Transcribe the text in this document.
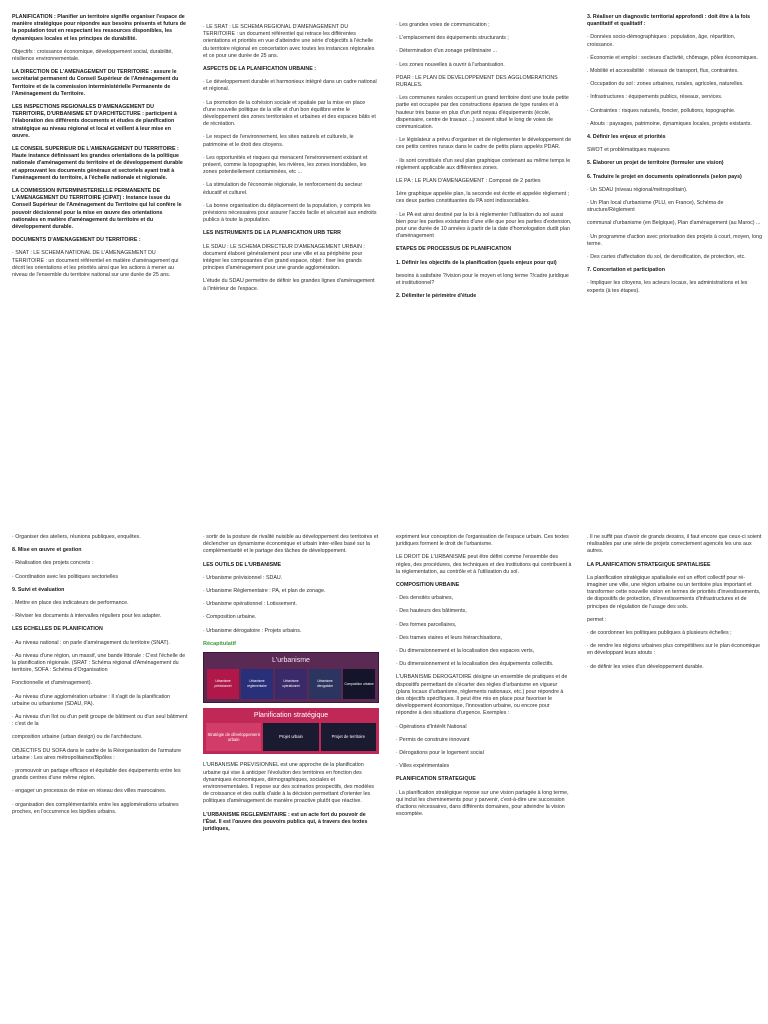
PLANIFICATION : Planifier un territoire signifie organiser l'espace de manière stratégique pour répondre aux besoins présents et futurs de la population tout en respectant les ressources disponibles, les dynamiques locales et les principes de durabilité.

Objectifs : croissance économique, développement social, durabilité, résilience environnementale.

LA DIRECTION DE L'AMENAGEMENT DU TERRITOIRE : assure le secrétariat permanent du Conseil Supérieur de l'Aménagement du Territoire et de la commission interministérielle Permanente de l'Aménagement du Territoire.

LES INSPECTIONS REGIONALES D'AMENAGEMENT DU TERRITOIRE, D'URBANISME ET D'ARCHITECTURE : participent à l'élaboration des différents documents et études de planification stratégique au niveau régional et local et veillent à leur mise en œuvre.

LE CONSEIL SUPERIEUR DE L'AMENAGEMENT DU TERRITOIRE : Haute instance définissant les grandes orientations de la politique nationale d'aménagement du territoire et de développement durable et approuvant les documents généraux et sectoriels ayant trait à l'aménagement du territoire, à l'échelle nationale et régionale.

LA COMMISSION INTERMINISTERIELLE PERMANENTE DE L'AMENAGEMENT DU TERRITOIRE (CIPAT) : Instance issue du Conseil Supérieur de l'Aménagement du Territoire qui lui confère le pouvoir décisionnel pour la mise en œuvre des orientations nationales en matière d'aménagement du territoire et du développement durable.

DOCUMENTS D'AMENAGEMENT DU TERRITOIRE :

· SNAT : LE SCHEMA NATIONAL DE L'AMENAGEMENT DU TERRITOIRE : un document référentiel en matière d'aménagement qui décrit les orientations et les priorités ainsi que les actions à mener au niveau de l'ensemble du territoire national sur une durée de 25 ans.

· LE SRAT : LE SCHEMA REGIONAL D'AMENAGEMENT DU TERRITOIRE : un document référentiel qui retrace les différentes orientations et priorités en vue d'atteindre une série d'objectifs à l'échelle du territoire régional en concertation avec toutes les instances régionales et ce pour une durée de 25 ans.

ASPECTS DE LA PLANIFICATION URBAINE :

· Le développement durable et harmonieux intégré dans un cadre national et régional.

· La promotion de la cohésion sociale et spatiale par la mise en place d'une nouvelle politique de la ville et d'un bon équilibre entre le développement des zones territoriales et urbaines et des espaces bâtis et de récréation.

· Le respect de l'environnement, les sites naturels et culturels, le patrimoine et le droit des citoyens.

· Les opportunités et risques qui menacent l'environnement existant et présent, comme la topographie, les rivières, les zones inondables, les zones potentiellement contaminées, etc ...

· La stimulation de l'économie régionale, le renforcement du secteur éducatif et culturel.

· La bonne organisation du déplacement de la population, y compris les prévisions nécessaires pour assurer l'accès facile et sécurisé aux endroits publics à toute la population.

LES INSTRUMENTS DE LA PLANIFICATION URB TERR

LE SDAU : LE SCHEMA DIRECTEUR D'AMENAGEMENT URBAIN : document élaboré généralement pour une ville et sa périphérie pour intégrer les composantes d'un grand espace, objet : fixer les grands principes d'aménagement pour une grande agglomération.

L'étude du SDAU permettre de définir les grandes lignes d'aménagement à l'intérieur de l'espace.

· Les grandes voies de communication ;

· L'emplacement des équipements structurants ;

· Détermination d'un zonage préliminaire ...

· Les zones nouvelles à ouvrir à l'urbanisation.

PDAR : LE PLAN DE DEVELOPPEMENT DES AGGLOMERATIONS RURALES.

· Les communes rurales occupent un grand territoire dont une toute petite partie est occupée par des constructions éparses de type rurales et à hauteur très basse en plus d'un petit noyau d'équipements (école, dispensaire, centre de travaux ...) souvent situé le long de voies de communication.

· Le législateur a prévu d'organiser et de réglementer le développement de ces petits centres ruraux dans le cadre de petits plans appelés PDAR.

· Ils sont constitués d'un seul plan graphique contenant au même temps le règlement applicable aux différentes zones.

LE PA : LE PLAN D'AMENAGEMENT : Composé de 2 parties

1ère graphique appelée plan, la seconde est écrite et appelée règlement ; ces deux parties constituantes du PA sont indissociables.

· Le PA est ainsi destiné par la loi à réglementer l'utilisation du sol aussi bien pour les parties existantes d'une ville que pour les parties d'extension, pour une durée de 10 années à partir de la date d'homologation dudit plan d'aménagement

ETAPES DE PROCESSUS DE PLANIFICATION

1. Définir les objectifs de la planification (quels enjeux pour qui)

besoins à satisfaire ?/vision pour le moyen et long terme ?/cadre juridique et institutionnel?

2. Délimiter le périmètre d'étude

3. Réaliser un diagnostic territorial approfondi : doit être à la fois quantitatif et qualitatif :

· Données socio-démographiques : population, âge, répartition, croissance.

· Économie et emploi : secteurs d'activité, chômage, pôles économiques.

. Mobilité et accessibilité : réseaux de transport, flux, contraintes.

· Occupation du sol : zones urbaines, rurales, agricoles, naturelles.

· Infrastructures : équipements publics, réseaux, services.

· Contraintes : risques naturels, foncier, pollutions, topographie.

· Atouts : paysages, patrimoine, dynamiques locales, projets existants.

4. Définir les enjeux et priorités

SWOT et problématiques majeures

5. Élaborer un projet de territoire (formuler une vision)

6. Traduire le projet en documents opérationnels (selon pays)

· Un SDAU (niveau régional/métropolitain).

· Un Plan local d'urbanisme (PLU, en France), Schéma de structure/Règlement

communal d'urbanisme (en Belgique), Plan d'aménagement (au Maroc) ...

· Un programme d'action avec priorisation des projets à court, moyen, long terme.

· Des cartes d'affectation du sol, de densification, de protection, etc.

7. Concertation et participation

· Impliquer les citoyens, les acteurs locaux, les administrations et les experts (à tes étapes).

· Organiser des ateliers, réunions publiques, enquêtes.

8. Mise en œuvre et gestion

· Réalisation des projets concrets :

· Coordination avec les politiques sectorielles

9. Suivi et évaluation

. Mettre en place des indicateurs de performance.

· Réviser les documents à intervalles réguliers pour les adapter.

LES ECHELLES DE PLANIFICATION

· Au niveau national : on parle d'aménagement du territoire (SNAT).

· Au niveau d'une région, un massif, une bande littorale : C'est l'échelle de la planification régionale. (SRAT : Schéma régional d'Aménagement du territoire, SOFA : Schéma d'Organisation

Fonctionnelle et d'aménagement).

· Au niveau d'une agglomération urbaine : Il s'agit de la planification urbaine ou urbanisme (SDAU, PA).

· Au niveau d'un îlot ou d'un petit groupe de bâtiment ou d'un seul bâtiment : c'est de la

composition urbaine (urban design) ou de l'architecture.

OBJECTIFS DU SOFA dans le cadre de la Réorganisation de l'armature urbaine : Les aires métropolitaines/Bipôles :

· promouvoir un partage efficace et équitable des équipements entre les grands centres d'une même région.

· engager un processus de mise en réseau des villes marocaines.

· organisation des complémentarités entre les agglomérations urbaines proches, en l'occurrence les bipôles urbains.

· sortir de la posture de rivalité nuisible au développement des territoires et déclencher un dynamisme économique et urbain inter-villes basé sur la complémentarité et le partage des tâches de développement.

LES OUTILS DE L'URBANISME

· Urbanisme prévisionnel : SDAU.

· Urbanisme Règlementaire : PA, et plan de zonage.

· Urbanisme opérationnel : Lotissement.

· Composition urbaine.

· Urbanisme dérogatoire : Projets urbains.

Récapitulatif
L'urbanisme
Urbanisme prévisionnel
Urbanisme réglementaire
Urbanisme opérationnel
Urbanisme dérogatoire
Composition urbaine
Planification stratégique
Stratégie de développement urbain
Projet urbain	Projet de territoire

L'URBANISME PREVISIONNEL est une approche de la planification urbaine qui vise à anticiper l'évolution des territoires en fonction des dynamiques économiques, démographiques, sociales et environnementales. Il repose sur des scénarios prospectifs, des modèles de croissance et des outils d'aide à la décision permettant d'orienter les politiques d'aménagement de manière proactive plutôt que réactive.

L'URBANISME REGLEMENTAIRE : est un acte fort du pouvoir de l'État. Il est l'œuvre des pouvoirs publics qui, à travers des textes juridiques,

expriment leur conception de l'organisation de l'espace urbain. Ces textes juridiques forment le droit de l'urbanisme.

LE DROIT DE L'URBANISME peut être défini comme l'ensemble des règles, des procédures, des techniques et des institutions qui contribuent à la réglementation, au contrôle et à l'utilisation du sol.

COMPOSITION URBAINE

· Des densités urbaines,

· Des hauteurs des bâtiments,

· Des formes parcellaires,

· Des trames viaires et leurs hiérarchisations,

· Du dimensionnement et la localisation des espaces verts,

· Du dimensionnement et la localisation des équipements collectifs.

L'URBANISME DEROGATOIRE désigne un ensemble de pratiques et de dispositifs permettant de s'écarter des règles d'urbanisme en vigueur (plans locaux d'urbanisme, règlements nationaux, etc.) pour répondre à des objectifs spécifiques. Il peut être mis en place pour favoriser le développement économique, l'innovation urbaine, ou encore pour répondre à des situations d'urgence. Exemples :

· Opérations d'Intérêt National

· Permis de construire innovant

· Dérogations pour le logement social

· Villes expérimentales

PLANIFICATION STRATEGIQUE

. La planification stratégique repose sur une vision partagée à long terme, qui inclut les cheminements pour y parvenir, c'est-à-dire une succession d'actions nécessaires, dans différents domaines, pour atteindre la vision escomptée.

. Il ne suffit pas d'avoir de grands dessins, il faut encore que ceux-ci soient réalisables par une série de projets correctement agencés les uns aux autres.

LA PLANIFICATION STRATEGIQUE SPATIALISEE

La planification stratégique spatialisée est un effort collectif pour ré-imaginer une ville, une région urbaine ou un territoire plus important et transformer cette nouvelle vision en termes de priorités d'investissements, de dispositifs de protection, d'investissements d'infrastructures et de principes de régulation de l'usage des sols.

permet :

· de coordonner les politiques publiques à plusieurs échelles ;

· de rendre les régions urbaines plus compétitives sur le plan économique en développant leurs atouts :

· de définir les voies d'un développement durable.
